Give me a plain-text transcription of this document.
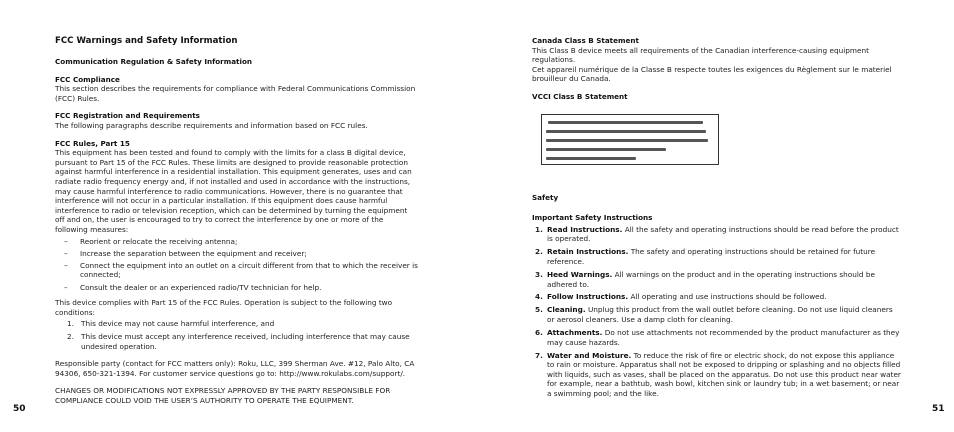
FCC Warnings and Safety Information
Communication Regulation & Safety Information
FCC Compliance

This section describes the requirements for compliance with Federal Communications Commission (FCC) Rules.

FCC Registration and Requirements

The following paragraphs describe requirements and information based on FCC rules.

FCC Rules, Part 15

This equipment has been tested and found to comply with the limits for a class B digital device, pursuant to Part 15 of the FCC Rules. These limits are designed to provide reasonable protection against harmful interference in a residential installation. This equipment generates, uses and can radiate radio frequency energy and, if not installed and used in accordance with the instructions, may cause harmful interference to radio communications. However, there is no guarantee that interference will not occur in a particular installation. If this equipment does cause harmful interference to radio or television reception, which can be determined by turning the equipment off and on, the user is encouraged to try to correct the interference by one or more of the following measures:

– Reorient or relocate the receiving antenna;
– Increase the separation between the equipment and receiver;
– Connect the equipment into an outlet on a circuit different from that to which the receiver is connected;
– Consult the dealer or an experienced radio/TV technician for help.

This device complies with Part 15 of the FCC Rules. Operation is subject to the following two conditions:

1. This device may not cause harmful interference, and
2. This device must accept any interference received, including interference that may cause undesired operation.

Responsible party (contact for FCC matters only): Roku, LLC, 399 Sherman Ave. #12, Palo Alto, CA 94306, 650-321-1394. For customer service questions go to: http://www.rokulabs.com/support/.

CHANGES OR MODIFICATIONS NOT EXPRESSLY APPROVED BY THE PARTY RESPONSIBLE FOR COMPLIANCE COULD VOID THE USER’S AUTHORITY TO OPERATE THE EQUIPMENT.

50
Canada Class B Statement

This Class B device meets all requirements of the Canadian interference-causing equipment regulations.

Cet appareil numérique de la Classe B respecte toutes les exigences du Règlement sur le materiel brouilleur du Canada.

VCCI Class B Statement
Safety
Important Safety Instructions
1. Read Instructions. All the safety and operating instructions should be read before the product is operated.
2. Retain Instructions. The safety and operating instructions should be retained for future reference.
3. Heed Warnings. All warnings on the product and in the operating instructions should be adhered to.
4. Follow Instructions. All operating and use instructions should be followed.
5. Cleaning. Unplug this product from the wall outlet before cleaning. Do not use liquid cleaners or aerosol cleaners. Use a damp cloth for cleaning.
6. Attachments. Do not use attachments not recommended by the product manufacturer as they may cause hazards.
7. Water and Moisture. To reduce the risk of fire or electric shock, do not expose this appliance to rain or moisture. Apparatus shall not be exposed to dripping or splashing and no objects filled with liquids, such as vases, shall be placed on the apparatus. Do not use this product near water for example, near a bathtub, wash bowl, kitchen sink or laundry tub; in a wet basement; or near a swimming pool; and the like.
51
